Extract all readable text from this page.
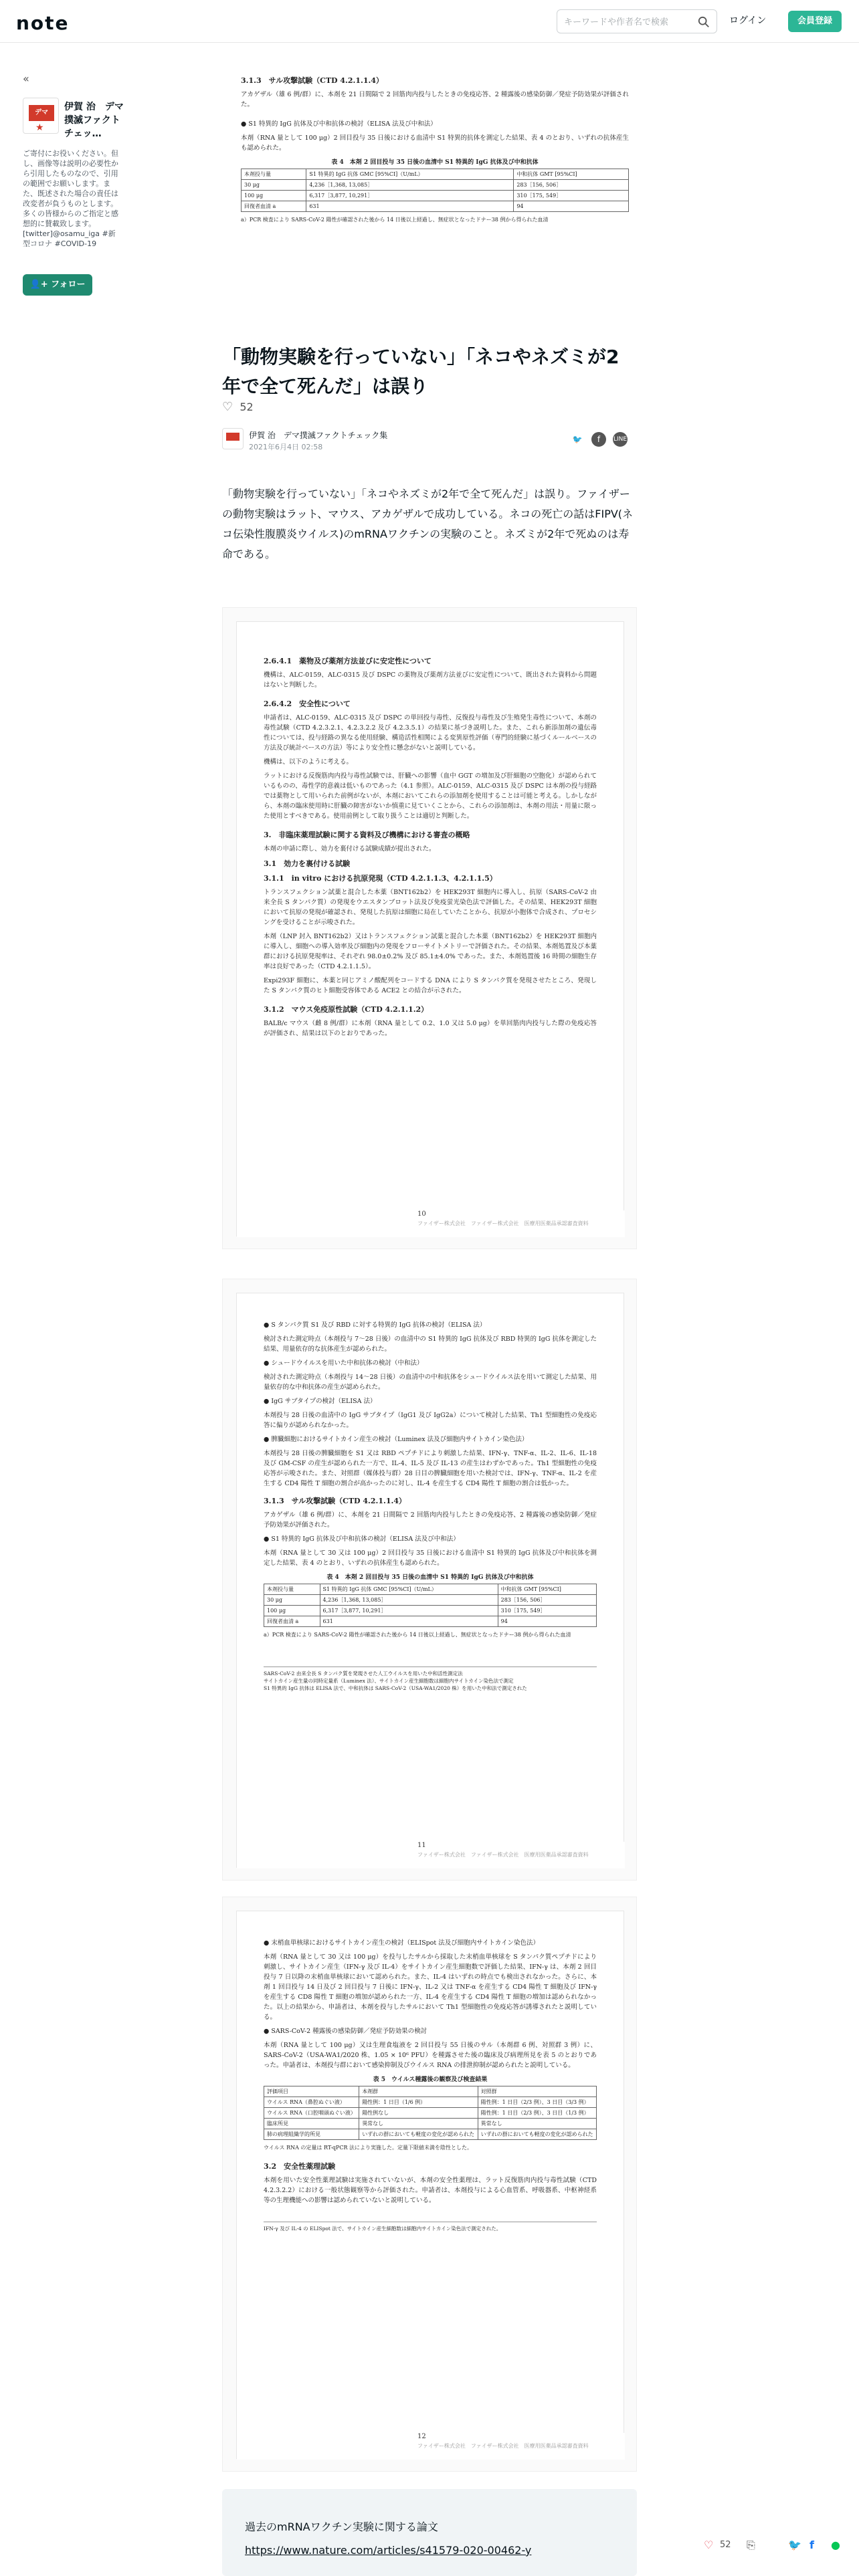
note
キーワードや作者名で検索	ログイン	会員登録
«
デマ
★
伊賀 治　デマ撲滅ファクトチェッ…
ご寄付にお役いください。但し、画像等は説明の必要性から引用したものなので、引用の範囲でお願いします。また、既述された場合の責任は改変者が負うものとします。多くの皆様からのご指定と感想的に賛載致します。[twitter]@osamu_iga #新型コロナ #COVID-19
👤+ フォロー
3.1.3　サル攻撃試験（CTD 4.2.1.1.4）

アカゲザル（雄 6 例/群）に、本剤を 21 日間隔で 2 回筋肉内投与したときの免疫応答、2 種露後の感染防御／発症予防効果が評価された。

● S1 特異的 IgG 抗体及び中和抗体の検討（ELISA 法及び中和法）

本剤（RNA 量として 100 μg）2 回目投与 35 日後における血清中 S1 特異的抗体を測定した結果、表 4 のとおり、いずれの抗体産生も認められた。

表 4　本剤 2 回目投与 35 日後の血清中 S1 特異的 IgG 抗体及び中和抗体
本剤投与量	S1 特異的 IgG 抗体 GMC [95%CI]（U/mL）	中和抗体 GMT [95%CI]
30 μg	4,236［1,368, 13,085］	283［156, 506］
100 μg	6,317［3,877, 10,291］	310［175, 549］
回復者血清 a	631	94

a）PCR 検査により SARS-CoV-2 陽性が確認された後から 14 日後以上経過し、無症状となったドナー38 例から得られた血清

「動物実験を行っていない」「ネコやネズミが2年で全て死んだ」は誤り
♡ 52
伊賀 治　デマ撲滅ファクトチェック集
2021年6月4日 02:58
🐦	f	LINE
「動物実験を行っていない」「ネコやネズミが2年で全て死んだ」は誤り。ファイザーの動物実験はラット、マウス、アカゲザルで成功している。ネコの死亡の話はFIPV(ネコ伝染性腹膜炎ウイルス)のmRNAワクチンの実験のこと。ネズミが2年で死ぬのは寿命である。
2.6.4.1　薬物及び薬剤方法並びに安定性について

機構は、ALC-0159、ALC-0315 及び DSPC の薬物及び薬剤方法並びに安定性について、既出された資料から問題はないと判断した。

2.6.4.2　安全性について

申請者は、ALC-0159、ALC-0315 及び DSPC の単回投与毒性、反復投与毒性及び生殖発生毒性について、本剤の毒性試験（CTD 4.2.3.2.1、4.2.3.2.2 及び 4.2.3.5.1）の結果に基づき説明した。また、これら新添加剤の遺伝毒性については、投与経路の異なる使用経験、構造活性相関による変異原性評価（専門的経験に基づくルールベースの方法及び統計ベースの方法）等により安全性に懸念がないと説明している。

機構は、以下のように考える。

ラットにおける反復筋肉内投与毒性試験では、肝臓への影響（血中 GGT の増加及び肝細胞の空胞化）が認められているものの、毒性学的意義は低いものであった（4.1 参照）。ALC-0159、ALC-0315 及び DSPC は本剤の投与経路では薬物として用いられた前例がないが、本剤においてこれらの添加剤を使用することは可能と考える。しかしながら、本剤の臨床使用時に肝臓の障害がないか慎重に見ていくことから、これらの添加剤は、本剤の用法・用量に限った使用とすべきである。使用前例として取り扱うことは適切と判断した。

3.　非臨床薬理試験に関する資料及び機構における審査の概略

本剤の申請に際し、効力を裏付ける試験成績が提出された。

3.1　効力を裏付ける試験
3.1.1　in vitro における抗原発現（CTD 4.2.1.1.3、4.2.1.1.5）

トランスフェクション試薬と混合した本薬（BNT162b2）を HEK293T 細胞内に導入し、抗原（SARS-CoV-2 由来全長 S タンパク質）の発現をウエスタンブロット法及び免疫蛍光染色法で評価した。その結果、HEK293T 細胞において抗原の発現が確認され、発現した抗原は細胞に局在していたことから、抗原が小胞体で合成され、プロセシングを受けることが示唆された。

本剤（LNP 封入 BNT162b2）又はトランスフェクション試薬と混合した本薬（BNT162b2）を HEK293T 細胞内に導入し、細胞への導入効率及び細胞内の発現をフローサイトメトリーで評価された。その結果、本剤処置及び本薬群における抗原発現率は、それぞれ 98.0±0.2% 及び 85.1±4.0% であった。また、本剤処置後 16 時間の細胞生存率は良好であった（CTD 4.2.1.1.5）。

Expi293F 細胞に、本薬と同じアミノ酸配列をコードする DNA により S タンパク質を発現させたところ、発現した S タンパク質のヒト細胞受容体である ACE2 との結合が示された。

3.1.2　マウス免疫原性試験（CTD 4.2.1.1.2）

BALB/c マウス（雌 8 例/群）に本剤（RNA 量として 0.2、1.0 又は 5.0 μg）を単回筋肉内投与した際の免疫応答が評価され、結果は以下のとおりであった。

10
ファイザー株式会社　ファイザー株式会社　医療用医薬品承認審査資料

● S タンパク質 S1 及び RBD に対する特異的 IgG 抗体の検討（ELISA 法）

検討された測定時点（本剤投与 7～28 日後）の血清中の S1 特異的 IgG 抗体及び RBD 特異的 IgG 抗体を測定した結果、用量依存的な抗体産生が認められた。

● シュードウイルスを用いた中和抗体の検討（中和法）

検討された測定時点（本剤投与 14～28 日後）の血清中の中和抗体をシュードウイルス法を用いて測定した結果、用量依存的な中和抗体の産生が認められた。

● IgG サブタイプの検討（ELISA 法）

本剤投与 28 日後の血清中の IgG サブタイプ（IgG1 及び IgG2a）について検討した結果、Th1 型細胞性の免疫応答に偏りが認められなかった。

● 脾臓細胞におけるサイトカイン産生の検討（Luminex 法及び細胞内サイトカイン染色法）

本剤投与 28 日後の脾臓細胞を S1 又は RBD ペプチドにより刺激した結果、IFN-γ、TNF-α、IL-2、IL-6、IL-18 及び GM-CSF の産生が認められた一方で、IL-4、IL-5 及び IL-13 の産生はわずかであった。Th1 型細胞性の免疫応答が示唆された。また、対照群（媒体投与群）28 日目の脾臓細胞を用いた検討では、IFN-γ、TNF-α、IL-2 を産生する CD4 陽性 T 細胞の割合が高かったのに対し、IL-4 を産生する CD4 陽性 T 細胞の割合は低かった。

3.1.3　サル攻撃試験（CTD 4.2.1.1.4）

アカゲザル（雄 6 例/群）に、本剤を 21 日間隔で 2 回筋肉内投与したときの免疫応答、2 種露後の感染防御／発症予防効果が評価された。

● S1 特異的 IgG 抗体及び中和抗体の検討（ELISA 法及び中和法）

本剤（RNA 量として 30 又は 100 μg）2 回目投与 35 日後における血清中 S1 特異的 IgG 抗体及び中和抗体を測定した結果、表 4 のとおり、いずれの抗体産生も認められた。

表 4　本剤 2 回目投与 35 日後の血清中 S1 特異的 IgG 抗体及び中和抗体
本剤投与量	S1 特異的 IgG 抗体 GMC [95%CI]（U/mL）	中和抗体 GMT [95%CI]
30 μg	4,236［1,368, 13,085］	283［156, 506］
100 μg	6,317［3,877, 10,291］	310［175, 549］
回復者血清 a	631	94

a）PCR 検査により SARS-CoV-2 陽性が確認された後から 14 日後以上経過し、無症状となったドナー38 例から得られた血清

SARS-CoV-2 由来全長 S タンパク質を発現させた人工ウイルスを用いた中和活性測定法

サイトカイン産生量の同時定量系（Luminex 法）、サイトカイン産生細胞数は細胞内サイトカイン染色法で測定

S1 特異的 IgG 抗体は ELISA 法で、中和抗体は SARS-CoV-2（USA-WA1/2020 株）を用いた中和法で測定された

11
ファイザー株式会社　ファイザー株式会社　医療用医薬品承認審査資料

● 末梢血単核球におけるサイトカイン産生の検討（ELISpot 法及び細胞内サイトカイン染色法）

本剤（RNA 量として 30 又は 100 μg）を投与したサルから採取した末梢血単核球を S タンパク質ペプチドにより刺激し、サイトカイン産生（IFN-γ 及び IL-4）をサイトカイン産生細胞数で評価した結果、IFN-γ は、本剤 2 回目投与 7 日以降の末梢血単核球において認められた。また、IL-4 はいずれの時点でも検出されなかった。さらに、本剤 1 回目投与 14 日及び 2 回目投与 7 日後に IFN-γ、IL-2 又は TNF-α を産生する CD4 陽性 T 細胞及び IFN-γ を産生する CD8 陽性 T 細胞の増加が認められた一方、IL-4 を産生する CD4 陽性 T 細胞の増加は認められなかった。以上の結果から、申請者は、本剤を投与したサルにおいて Th1 型細胞性の免疫応答が誘導されたと説明している。

● SARS-CoV-2 種露後の感染防御／発症予防効果の検討

本剤（RNA 量として 100 μg）又は生理食塩液を 2 回目投与 55 日後のサル（本剤群 6 例、対照群 3 例）に、SARS-CoV-2（USA-WA1/2020 株、1.05 × 10⁶ PFU）を種露させた後の臨床及び病理所見を表 5 のとおりであった。申請者は、本剤投与群において感染抑制及びウイルス RNA の排泄抑制が認められたと説明している。

表 5　ウイルス種露後の観察及び検査結果
評価項目	本剤群	対照群
ウイルス RNA（鼻腔ぬぐい液）	陽性例：1 日目（1/6 例）	陽性例：1 日目（2/3 例）、3 日目（3/3 例）
ウイルス RNA（口腔咽頭ぬぐい液）	陽性例なし	陽性例：1 日目（2/3 例）、3 日目（1/3 例）
臨床所見	異常なし	異常なし
肺の病理組織学的所見	いずれの群においても軽度の変化が認められた	いずれの群においても軽度の変化が認められた

ウイルス RNA の定量は RT-qPCR 法により実施した。定量下限値未満を陰性とした。

3.2　安全性薬理試験

本剤を用いた安全性薬理試験は実施されていないが、本剤の安全性薬理は、ラット反復筋肉内投与毒性試験（CTD 4.2.3.2.2）における一般状態観察等から評価された。申請者は、本剤投与による心血管系、呼吸器系、中枢神経系等の生理機能への影響は認められていないと説明している。

IFN-γ 及び IL-4 の ELISpot 法で、サイトカイン産生細胞数は細胞内サイトカイン染色法で測定された。

12
ファイザー株式会社　ファイザー株式会社　医療用医薬品承認審査資料
過去のmRNAワクチン実験に関する論文
https://www.nature.com/articles/s41579-020-00462-y	♡ 52 ⎘	🐦 f ●
